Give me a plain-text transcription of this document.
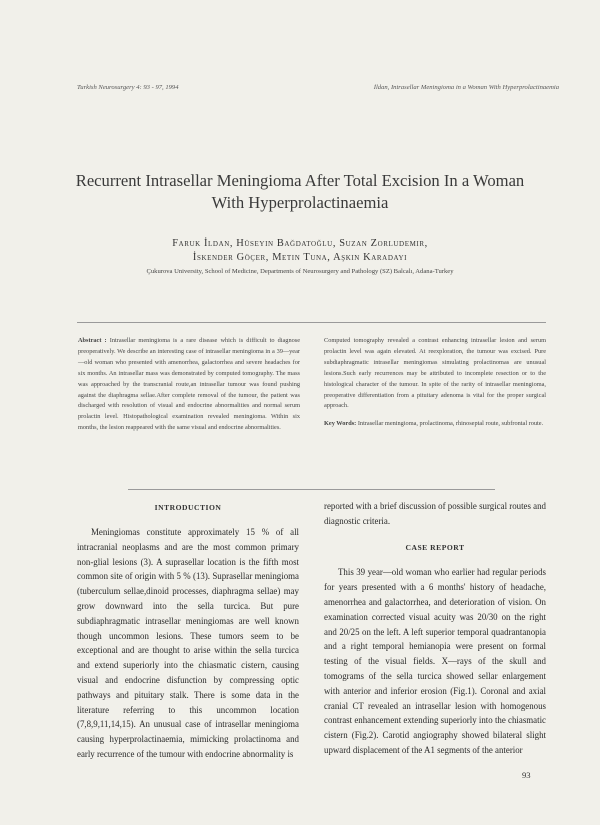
Turkish Neurosurgery 4: 93 - 97, 1994	İldan, Intrasellar Meningioma in a Woman With Hyperprolactinaemia
Recurrent Intrasellar Meningioma After Total Excision In a Woman With Hyperprolactinaemia
Faruk İldan, Hüseyin Bağdatoğlu, Suzan Zorludemir,
İskender Göçer, Metin Tuna, Aşkın Karadayı
Çukurova University, School of Medicine, Departments of Neurosurgery and Pathology (SZ) Balcalı, Adana-Turkey

Abstract : Intrasellar meningioma is a rare disease which is difficult to diagnose preoperatively. We describe an interesting case of intrasellar meningioma in a 39—year—old woman who presented with amenorrhea, galactorrhea and severe headaches for six months. An intrasellar mass was demonstrated by computed tomography. The mass was approached by the transcranial route,an intrasellar tumour was found pushing against the diaphragma sellae.After complete removal of the tumour, the patient was discharged with resolution of visual and endocrine abnormalities and normal serum prolactin level. Histopathological examination revealed meningioma. Within six months, the lesion reappeared with the same visual and endocrine abnormalities.

Computed tomography revealed a contrast enhancing intrasellar lesion and serum prolactin level was again elevated. At reexploration, the tumour was excised. Pure subdiaphragmatic intrasellar meningiomas simulating prolactinomas are unusual lesions.Such early recurrences may be attributed to incomplete resection or to the histological character of the tumour. In spite of the rarity of intrasellar meningioma, preoperative differentiation from a pituitary adenoma is vital for the proper surgical approach.

Key Words: Intrasellar meningioma, prolactinoma, rhinoseptal route, subfrontal route.

INTRODUCTION

Meningiomas constitute approximately 15 % of all intracranial neoplasms and are the most common primary non-glial lesions (3). A suprasellar location is the fifth most common site of origin with 5 % (13). Suprasellar meningioma (tuberculum sellae,dinoid processes, diaphragma sellae) may grow downward into the sella turcica. But pure subdiaphragmatic intrasellar meningiomas are well known though uncommon lesions. These tumors seem to be exceptional and are thought to arise within the sella turcica and extend superiorly into the chiasmatic cistern, causing visual and endocrine disfunction by compressing optic pathways and pituitary stalk. There is some data in the literature referring to this uncommon location (7,8,9,11,14,15). An unusual case of intrasellar meningioma causing hyperprolactinaemia, mimicking prolactinoma and early recurrence of the tumour with endocrine abnormality is

reported with a brief discussion of possible surgical routes and diagnostic criteria.

CASE REPORT

This 39 year—old woman who earlier had regular periods for years presented with a 6 months' history of headache, amenorrhea and galactorrhea, and deterioration of vision. On examination corrected visual acuity was 20/30 on the right and 20/25 on the left. A left superior temporal quadrantanopia and a right temporal hemianopia were present on formal testing of the visual fields. X—rays of the skull and tomograms of the sella turcica showed sellar enlargement with anterior and inferior erosion (Fig.1). Coronal and axial cranial CT revealed an intrasellar lesion with homogenous contrast enhancement extending superiorly into the chiasmatic cistern (Fig.2). Carotid angiography showed bilateral slight upward displacement of the A1 segments of the anterior

93
